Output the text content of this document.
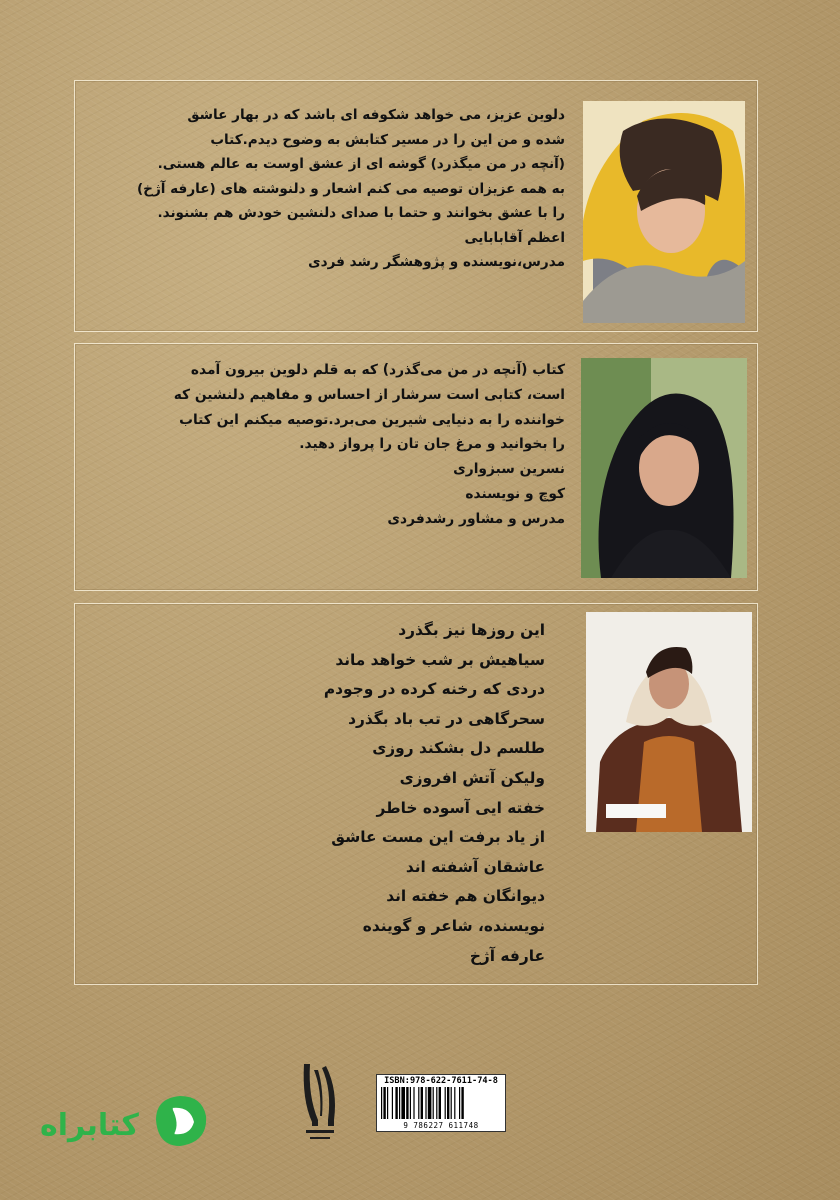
دلوین عزیز، می خواهد شکوفه ای باشد که در بهار عاشق
شده و من این را در مسیر کتابش به وضوح دیدم.کتاب
(آنچه در من میگذرد) گوشه ای از عشق اوست به عالم هستی.
به همه عزیزان توصیه می کنم اشعار و دلنوشته های (عارفه آژخ)
را با عشق بخوانند و حتما با صدای دلنشین خودش هم بشنوند.
اعظم آقابابایی
مدرس،نویسنده و پژوهشگر رشد فردی
کتاب (آنچه در من می‌گذرد) که به قلم دلوین بیرون آمده
است، کتابی است سرشار از احساس و مفاهیم دلنشین که
خواننده را به دنیایی شیرین می‌برد.توصیه میکنم این کتاب
را بخوانید و مرغ جان تان را پرواز دهید.
نسرین سبزواری
کوچ و نویسنده
مدرس و مشاور رشدفردی
این روزها نیز بگذرد
سیاهیش بر شب خواهد ماند
دردی که رخنه کرده در وجودم
سحرگاهی در تب باد بگذرد
طلسم دل بشکند روزی
ولیکن آتش افروزی
خفته ایی آسوده خاطر
از یاد برفت این مست عاشق
عاشقان آشفته اند
دیوانگان هم خفته اند
نویسنده، شاعر و گوینده
عارفه آژخ
ISBN:978-622-7611-74-8
9 786227 611748
کتابراه
